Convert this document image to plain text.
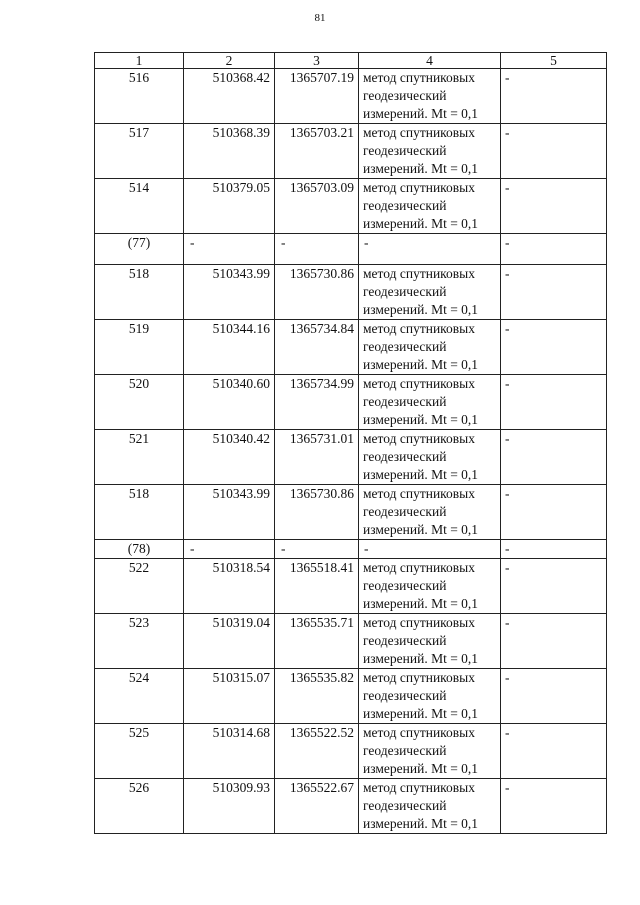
81
1	2	3	4	5
516	510368.42	1365707.19	метод спутниковых геодезический измерений. Mt = 0,1	-
517	510368.39	1365703.21	метод спутниковых геодезический измерений. Mt = 0,1	-
514	510379.05	1365703.09	метод спутниковых геодезический измерений. Mt = 0,1	-
(77)	-	-	-	-
518	510343.99	1365730.86	метод спутниковых геодезический измерений. Mt = 0,1	-
519	510344.16	1365734.84	метод спутниковых геодезический измерений. Mt = 0,1	-
520	510340.60	1365734.99	метод спутниковых геодезический измерений. Mt = 0,1	-
521	510340.42	1365731.01	метод спутниковых геодезический измерений. Mt = 0,1	-
518	510343.99	1365730.86	метод спутниковых геодезический измерений. Mt = 0,1	-
(78)	-	-	-	-
522	510318.54	1365518.41	метод спутниковых геодезический измерений. Mt = 0,1	-
523	510319.04	1365535.71	метод спутниковых геодезический измерений. Mt = 0,1	-
524	510315.07	1365535.82	метод спутниковых геодезический измерений. Mt = 0,1	-
525	510314.68	1365522.52	метод спутниковых геодезический измерений. Mt = 0,1	-
526	510309.93	1365522.67	метод спутниковых геодезический измерений. Mt = 0,1	-
